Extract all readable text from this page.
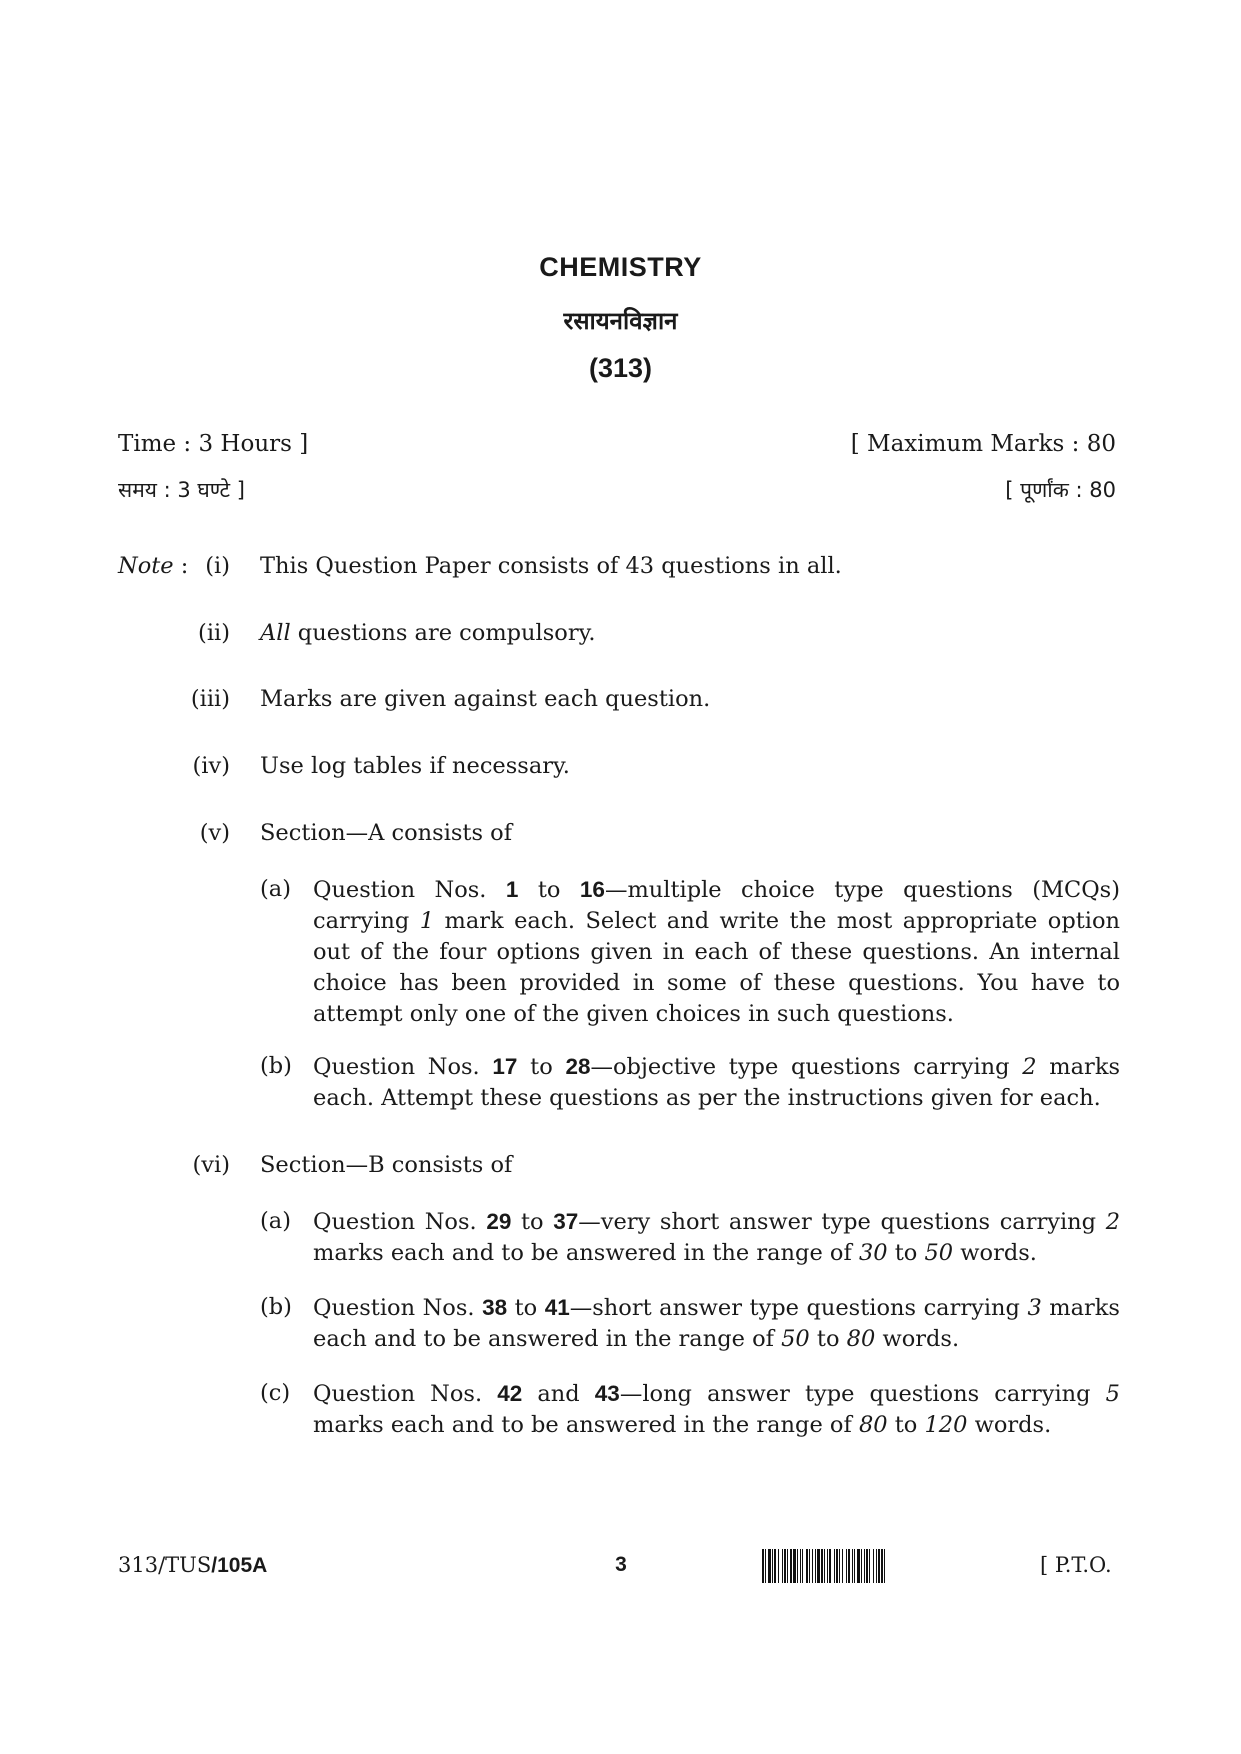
CHEMISTRY
रसायनविज्ञान
(313)
Time : 3 Hours ]
समय : 3 घण्टे ]
[ Maximum Marks : 80
[ पूर्णांक : 80
Note : (i) This Question Paper consists of 43 questions in all.
(ii) All questions are compulsory.
(iii) Marks are given against each question.
(iv) Use log tables if necessary.
(v) Section—A consists of
(a) Question Nos. 1 to 16—multiple choice type questions (MCQs) carrying 1 mark each. Select and write the most appropriate option out of the four options given in each of these questions. An internal choice has been provided in some of these questions. You have to attempt only one of the given choices in such questions.
(b) Question Nos. 17 to 28—objective type questions carrying 2 marks each. Attempt these questions as per the instructions given for each.
(vi) Section—B consists of
(a) Question Nos. 29 to 37—very short answer type questions carrying 2 marks each and to be answered in the range of 30 to 50 words.
(b) Question Nos. 38 to 41—short answer type questions carrying 3 marks each and to be answered in the range of 50 to 80 words.
(c) Question Nos. 42 and 43—long answer type questions carrying 5 marks each and to be answered in the range of 80 to 120 words.
313/TUS/105A	3	[ P.T.O.
